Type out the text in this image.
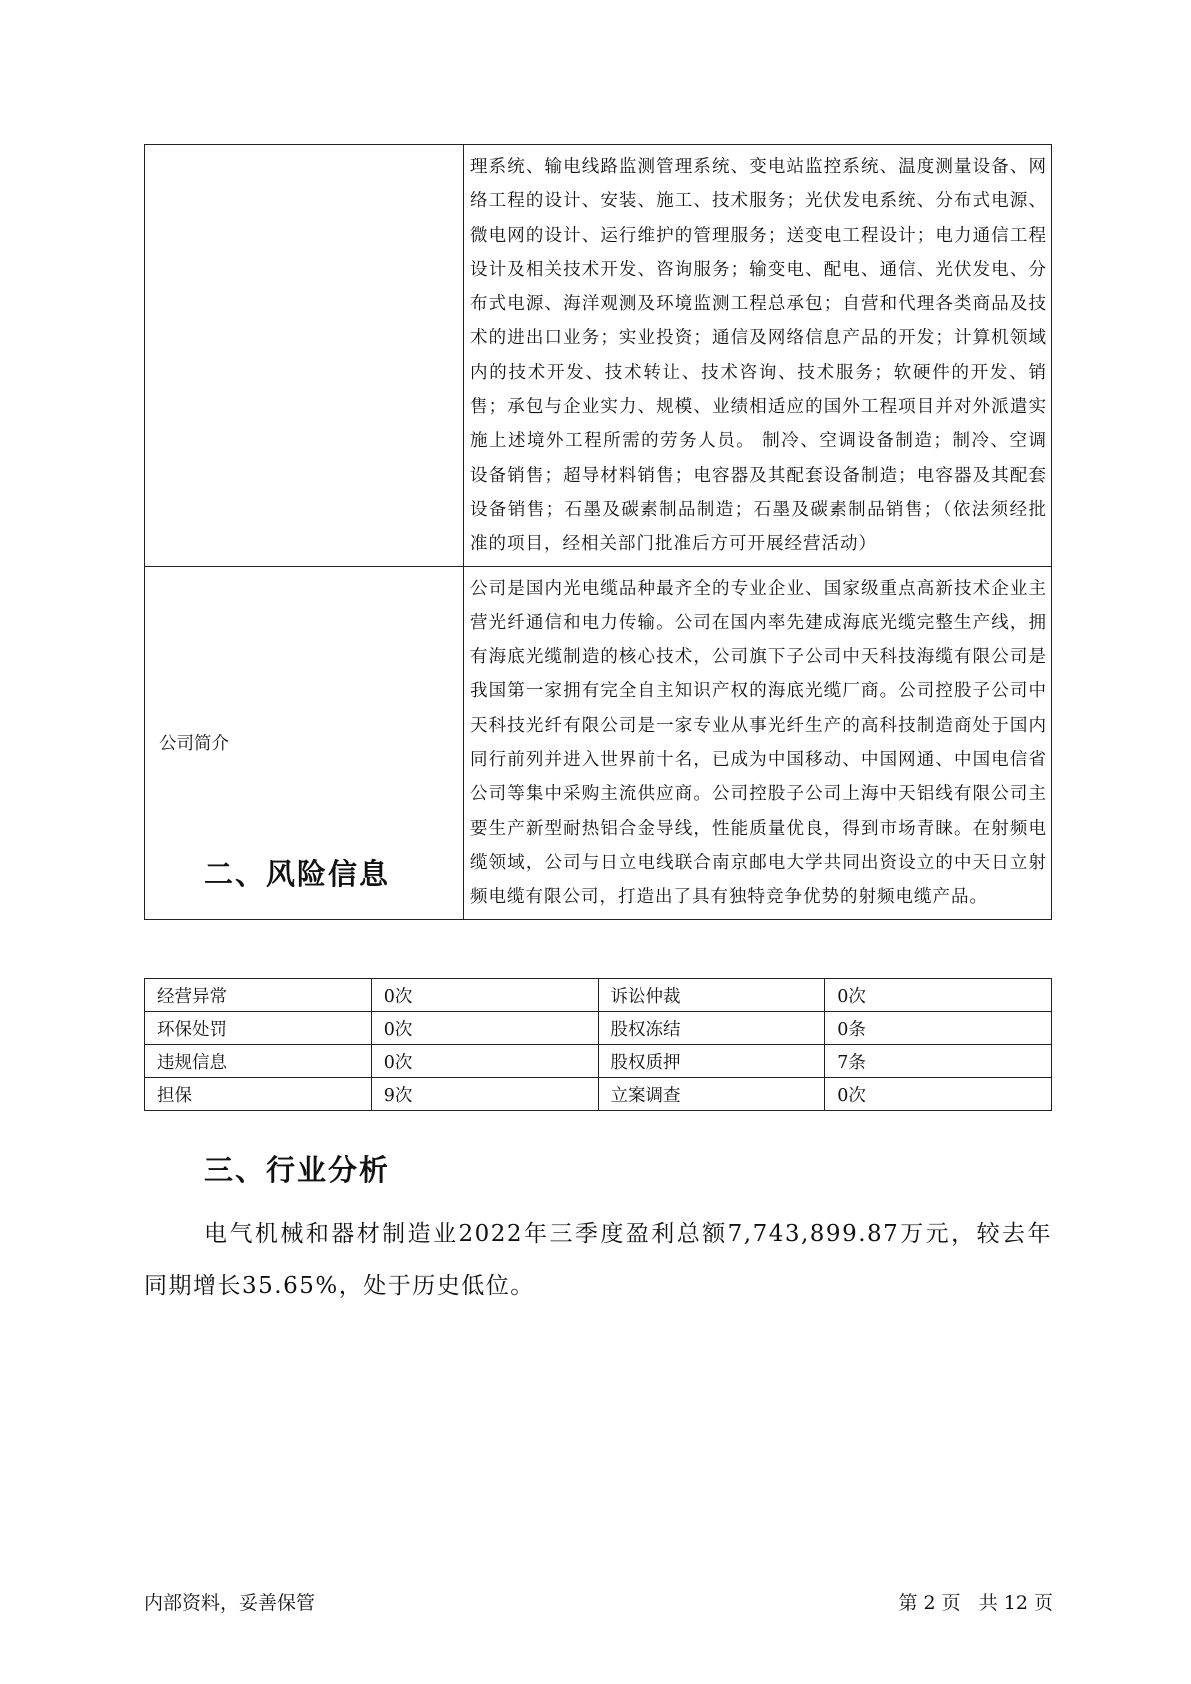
	理系统、输电线路监测管理系统、变电站监控系统、温度测量设备、网络工程的设计、安装、施工、技术服务；光伏发电系统、分布式电源、微电网的设计、运行维护的管理服务；送变电工程设计；电力通信工程设计及相关技术开发、咨询服务；输变电、配电、通信、光伏发电、分布式电源、海洋观测及环境监测工程总承包；自营和代理各类商品及技术的进出口业务；实业投资；通信及网络信息产品的开发；计算机领域内的技术开发、技术转让、技术咨询、技术服务；软硬件的开发、销售；承包与企业实力、规模、业绩相适应的国外工程项目并对外派遣实施上述境外工程所需的劳务人员。 制冷、空调设备制造；制冷、空调设备销售；超导材料销售；电容器及其配套设备制造；电容器及其配套设备销售；石墨及碳素制品制造；石墨及碳素制品销售；（依法须经批准的项目，经相关部门批准后方可开展经营活动）

公司简介	公司是国内光电缆品种最齐全的专业企业、国家级重点高新技术企业主营光纤通信和电力传输。公司在国内率先建成海底光缆完整生产线，拥有海底光缆制造的核心技术，公司旗下子公司中天科技海缆有限公司是我国第一家拥有完全自主知识产权的海底光缆厂商。公司控股子公司中天科技光纤有限公司是一家专业从事光纤生产的高科技制造商处于国内同行前列并进入世界前十名，已成为中国移动、中国网通、中国电信省公司等集中采购主流供应商。公司控股子公司上海中天铝线有限公司主要生产新型耐热铝合金导线，性能质量优良，得到市场青睐。在射频电缆领域，公司与日立电线联合南京邮电大学共同出资设立的中天日立射频电缆有限公司，打造出了具有独特竞争优势的射频电缆产品。
二、风险信息
经营异常	0次	诉讼仲裁	0次
环保处罚	0次	股权冻结	0条
违规信息	0次	股权质押	7条
担保	9次	立案调查	0次
三、行业分析
电气机械和器材制造业2022年三季度盈利总额7,743,899.87万元，较去年同期增长35.65%，处于历史低位。
内部资料，妥善保管	第 2 页   共 12 页
